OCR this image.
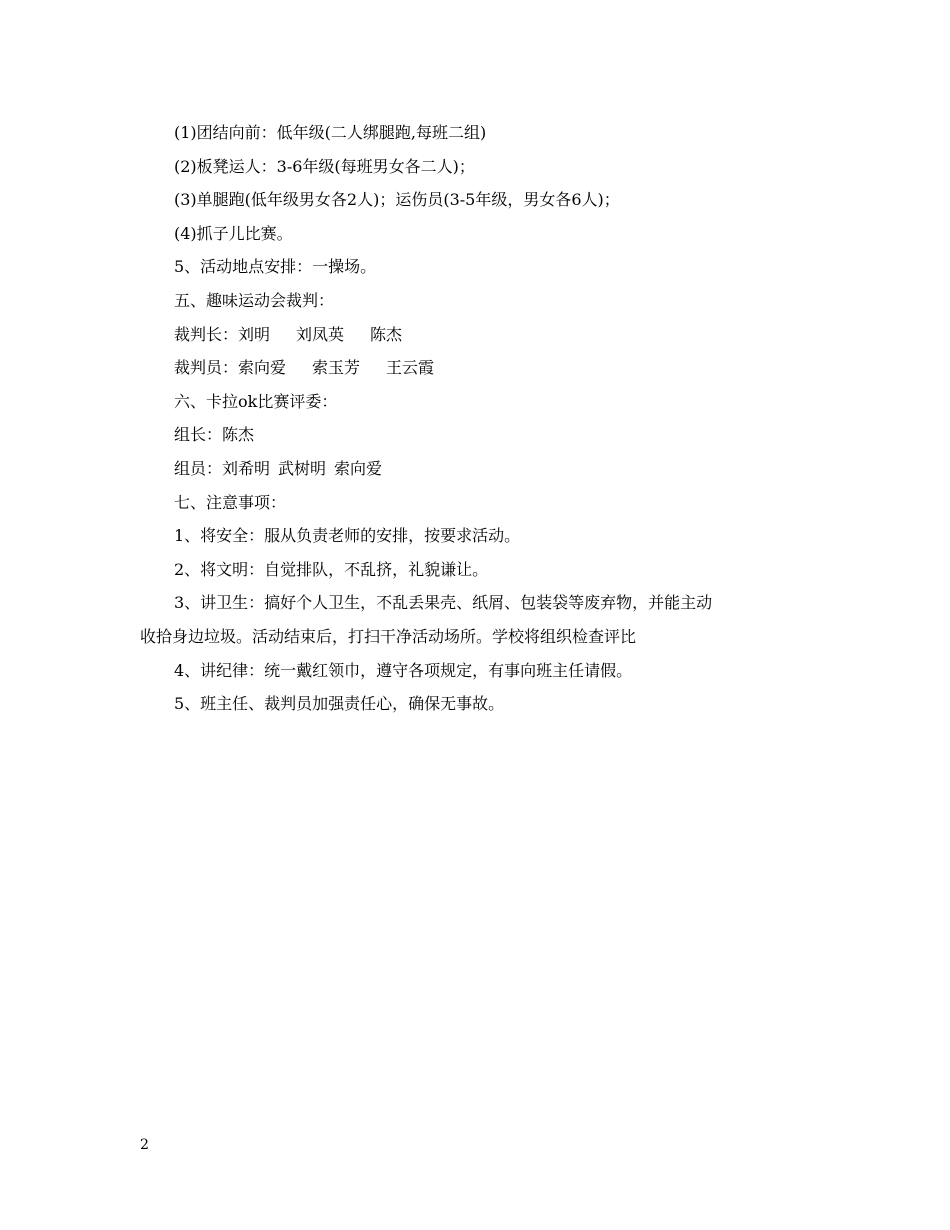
(1)团结向前：低年级(二人绑腿跑,每班二组)
(2)板凳运人：3-6年级(每班男女各二人)；
(3)单腿跑(低年级男女各2人)；运伤员(3-5年级，男女各6人)；
(4)抓子儿比赛。
5、活动地点安排：一操场。
五、趣味运动会裁判：
裁判长：刘明 刘凤英 陈杰
裁判员：索向爱 索玉芳 王云霞
六、卡拉ok比赛评委：
组长：陈杰
组员：刘希明 武树明 索向爱
七、注意事项：
1、将安全：服从负责老师的安排，按要求活动。
2、将文明：自觉排队，不乱挤，礼貌谦让。
3、讲卫生：搞好个人卫生，不乱丢果壳、纸屑、包装袋等废弃物，并能主动
收拾身边垃圾。活动结束后，打扫干净活动场所。学校将组织检查评比
4、讲纪律：统一戴红领巾，遵守各项规定，有事向班主任请假。
5、班主任、裁判员加强责任心，确保无事故。
2
